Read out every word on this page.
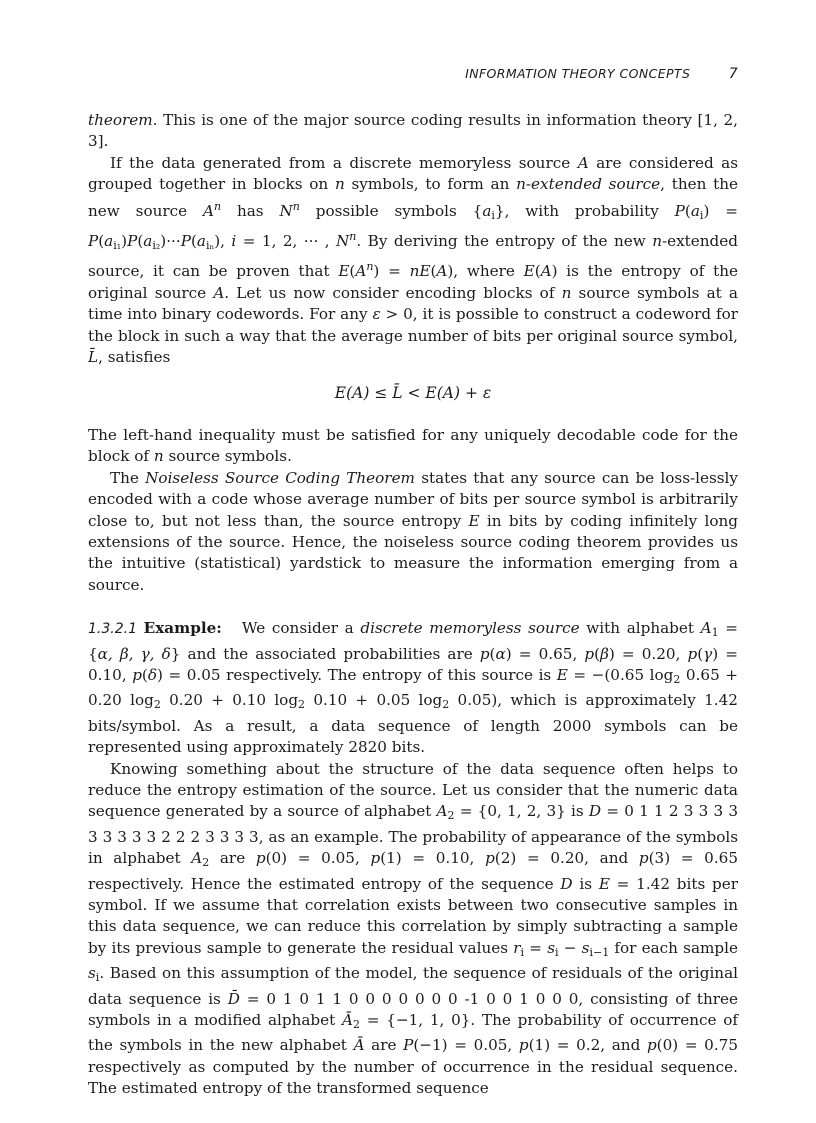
INFORMATION THEORY CONCEPTS	7

theorem. This is one of the major source coding results in information theory [1, 2, 3].

If the data generated from a discrete memoryless source A are considered as grouped together in blocks on n symbols, to form an n-extended source, then the new source $A^n$ has $N^n$ possible symbols $\{a_i\}$, with probability $P(a_i) = P(a_{i_1})P(a_{i_2})\cdot\cdot\cdot P(a_{i_n})$, i = 1, 2, ··· , $N^n$. By deriving the entropy of the new n-extended source, it can be proven that $E(A^n) = nE(A)$, where E(A) is the entropy of the original source A. Let us now consider encoding blocks of n source symbols at a time into binary codewords. For any ε > 0, it is possible to construct a codeword for the block in such a way that the average number of bits per original source symbol, L̄, satisfies

E(A) ≤ L̄ < E(A) + ε

The left-hand inequality must be satisfied for any uniquely decodable code for the block of n source symbols.

The Noiseless Source Coding Theorem states that any source can be loss-lessly encoded with a code whose average number of bits per source symbol is arbitrarily close to, but not less than, the source entropy E in bits by coding infinitely long extensions of the source. Hence, the noiseless source coding theorem provides us the intuitive (statistical) yardstick to measure the information emerging from a source.

1.3.2.1 Example: We consider a discrete memoryless source with alphabet $A_1 = \{\alpha$, β, γ, δ} and the associated probabilities are p(α) = 0.65, p(β) = 0.20, p(γ) = 0.10, p(δ) = 0.05 respectively. The entropy of this source is E = −(0.65 $\log_2 0.65 + 0.20$ $\log_2 0.20 + 0.10$ $\log_2 0.10 + 0.05$ $\log_2 0.05$), which is approximately 1.42 bits/symbol. As a result, a data sequence of length 2000 symbols can be represented using approximately 2820 bits.

Knowing something about the structure of the data sequence often helps to reduce the entropy estimation of the source. Let us consider that the numeric data sequence generated by a source of alphabet $A_2 = \{0$, 1, 2, 3} is D = 0 1 1 2 3 3 3 3 3 3 3 3 3 2 2 2 3 3 3 3, as an example. The probability of appearance of the symbols in alphabet $A_2$ are p(0) = 0.05, p(1) = 0.10, p(2) = 0.20, and p(3) = 0.65 respectively. Hence the estimated entropy of the sequence D is E = 1.42 bits per symbol. If we assume that correlation exists between two consecutive samples in this data sequence, we can reduce this correlation by simply subtracting a sample by its previous sample to generate the residual values $r_i = s_i - s_{i-1}$ for each sample $s_i$. Based on this assumption of the model, the sequence of residuals of the original data sequence is D̄ = 0 1 0 1 1 0 0 0 0 0 0 0 -1 0 0 1 0 0 0, consisting of three symbols in a modified alphabet $Ā_2 = \{-1$, 1, 0}. The probability of occurrence of the symbols in the new alphabet Ā are P(−1) = 0.05, p(1) = 0.2, and p(0) = 0.75 respectively as computed by the number of occurrence in the residual sequence. The estimated entropy of the transformed sequence
